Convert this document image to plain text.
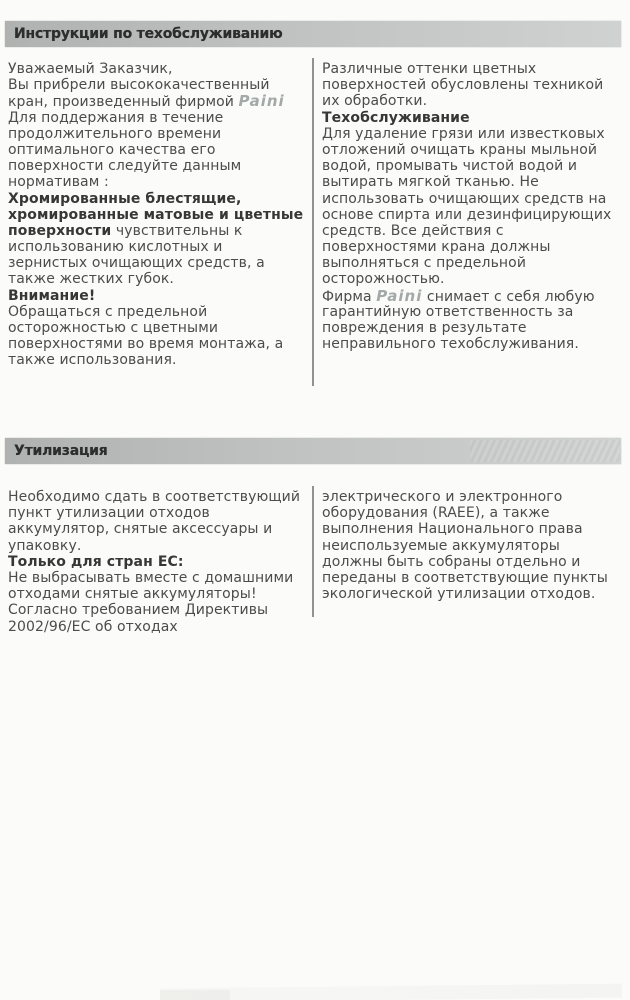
Инструкции по техобслуживанию
Уважаемый Заказчик,
Вы прибрели высококачественный
кран, произведенный фирмой Paini
Для поддержания в течение
продолжительного времени
оптимального качества его
поверхности следуйте данным
нормативам :
Хромированные блестящие,
хромированные матовые и цветные
поверхности чувствительны к
использованию кислотных и
зернистых очищающих средств, а
также жестких губок.
Внимание!
Обращаться с предельной
осторожностью с цветными
поверхностями во время монтажа, а
также использования.
Различные оттенки цветных
поверхностей обусловлены техникой
их обработки.
Техобслуживание
Для удаление грязи или известковых
отложений очищать краны мыльной
водой, промывать чистой водой и
вытирать мягкой тканью. Не
использовать очищающих средств на
основе спирта или дезинфицирующих
средств. Все действия с
поверхностями крана должны
выполняться с предельной
осторожностью.
Фирма Paini снимает с себя любую
гарантийную ответственность за
повреждения в результате
неправильного техобслуживания.
Утилизация
Необходимо сдать в соответствующий
пункт утилизации отходов
аккумулятор, снятые аксессуары и
упаковку.
Только для стран ЕС:
Не выбрасывать вместе с домашними
отходами снятые аккумуляторы!
Согласно требованием Директивы
2002/96/ЕС об отходах
электрического и электронного
оборудования (RAEE), а также
выполнения Национального права
неиспользуемые аккумуляторы
должны быть собраны отдельно и
переданы в соответствующие пункты
экологической утилизации отходов.
